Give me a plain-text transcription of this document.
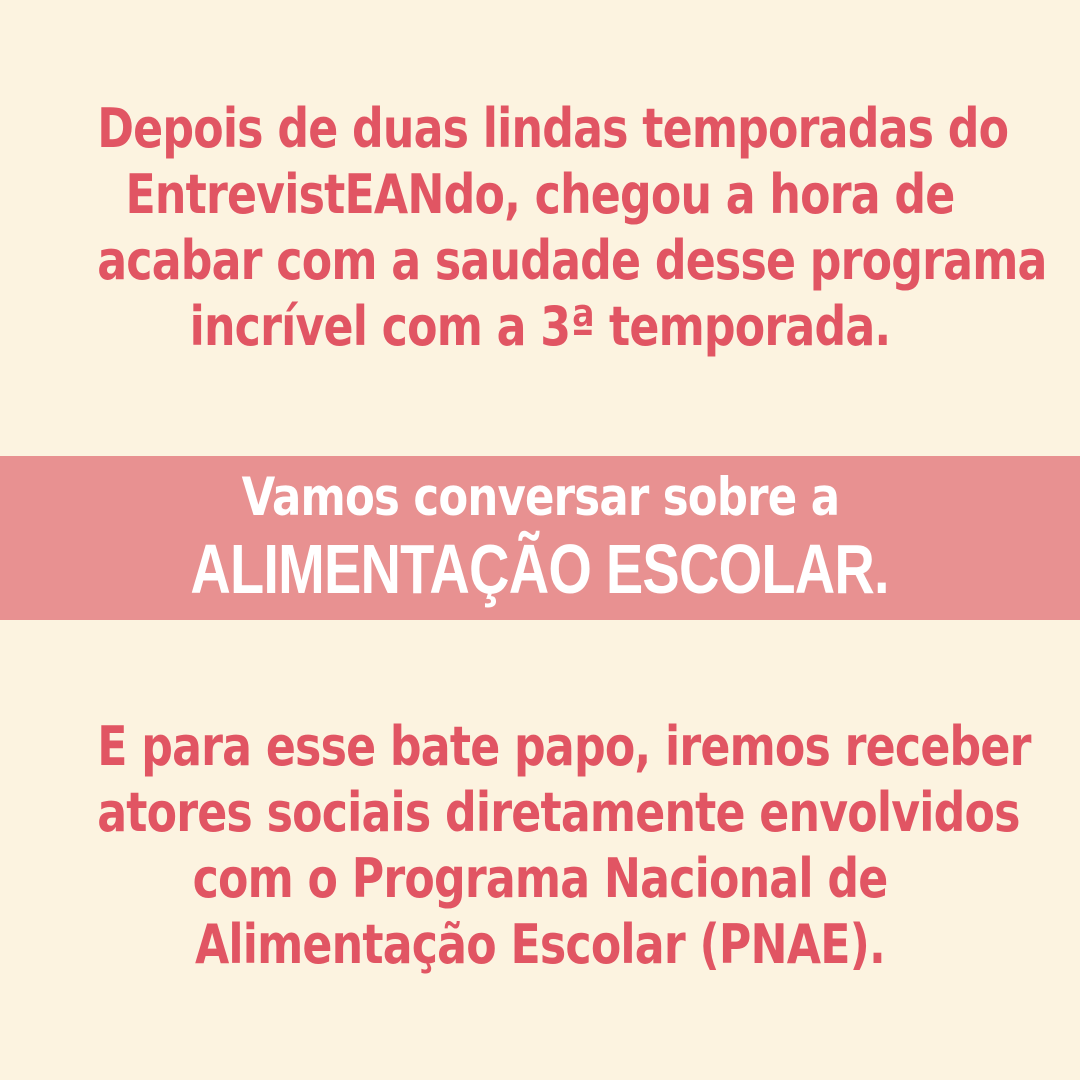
Depois de duas lindas temporadas do
EntrevistEANdo, chegou a hora de
acabar com a saudade desse programa
incrível com a 3ª temporada.
Vamos conversar sobre a
ALIMENTAÇÃO ESCOLAR.
E para esse bate papo, iremos receber
atores sociais diretamente envolvidos
com o Programa Nacional de
Alimentação Escolar (PNAE).
